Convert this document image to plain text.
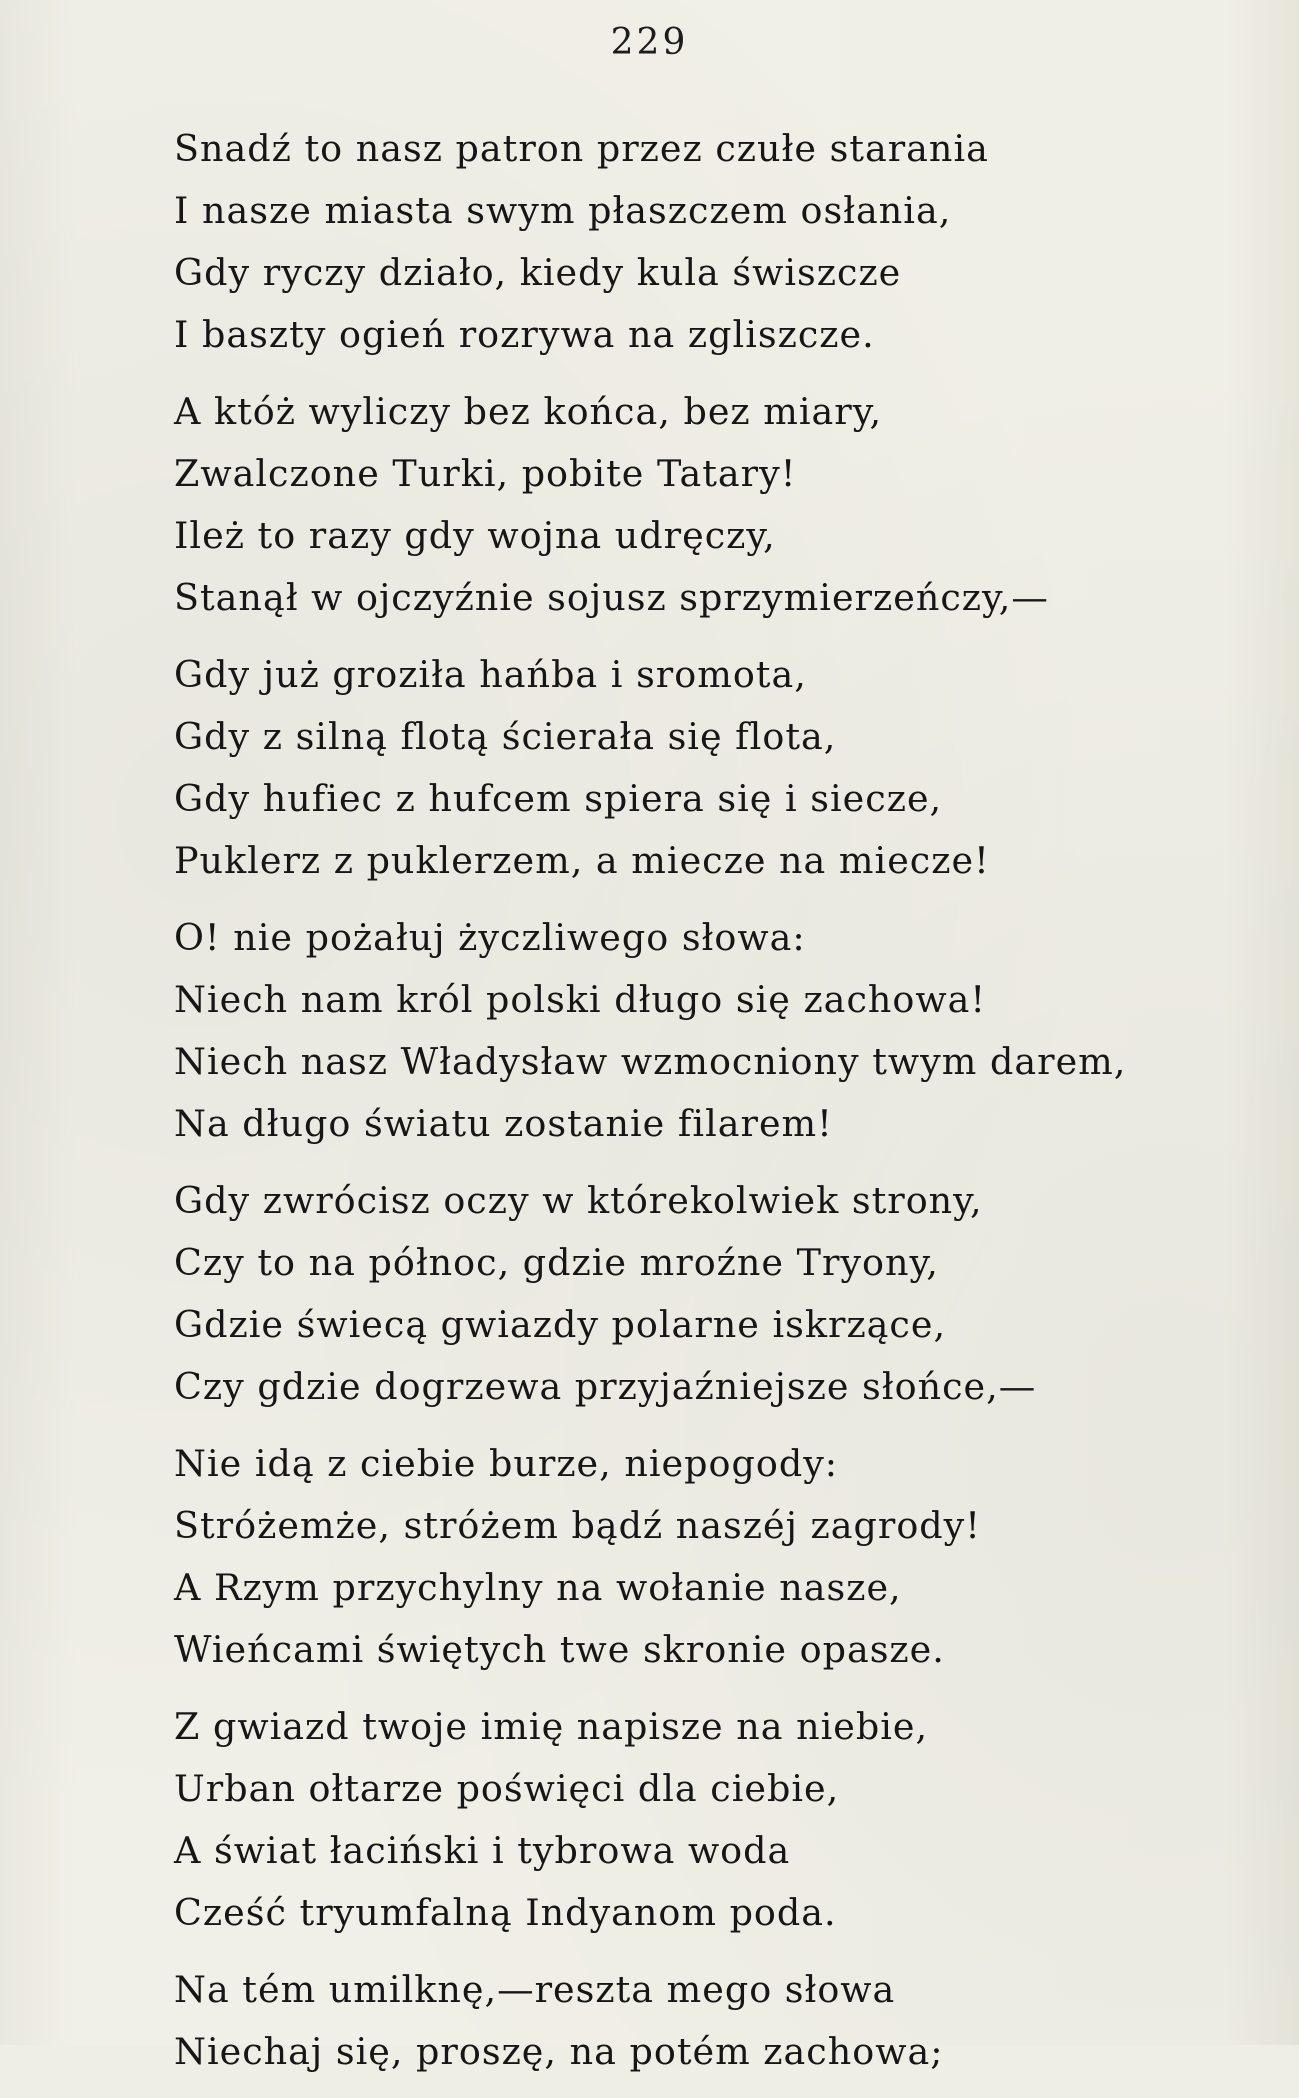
229
Snadź to nasz patron przez czułe starania
I nasze miasta swym płaszczem osłania,
Gdy ryczy działo, kiedy kula świszcze
I baszty ogień rozrywa na zgliszcze.
A któż wyliczy bez końca, bez miary,
Zwalczone Turki, pobite Tatary!
Ileż to razy gdy wojna udręczy,
Stanął w ojczyźnie sojusz sprzymierzeńczy,—
Gdy już groziła hańba i sromota,
Gdy z silną flotą ścierała się flota,
Gdy hufiec z hufcem spiera się i siecze,
Puklerz z puklerzem, a miecze na miecze!
O! nie pożałuj życzliwego słowa:
Niech nam król polski długo się zachowa!
Niech nasz Władysław wzmocniony twym darem,
Na długo światu zostanie filarem!
Gdy zwrócisz oczy w którekolwiek strony,
Czy to na północ, gdzie mroźne Tryony,
Gdzie świecą gwiazdy polarne iskrzące,
Czy gdzie dogrzewa przyjaźniejsze słońce,—
Nie idą z ciebie burze, niepogody:
Stróżemże, stróżem bądź naszéj zagrody!
A Rzym przychylny na wołanie nasze,
Wieńcami świętych twe skronie opasze.
Z gwiazd twoje imię napisze na niebie,
Urban ołtarze poświęci dla ciebie,
A świat łaciński i tybrowa woda
Cześć tryumfalną Indyanom poda.
Na tém umilknę,—reszta mego słowa
Niechaj się, proszę, na potém zachowa;
